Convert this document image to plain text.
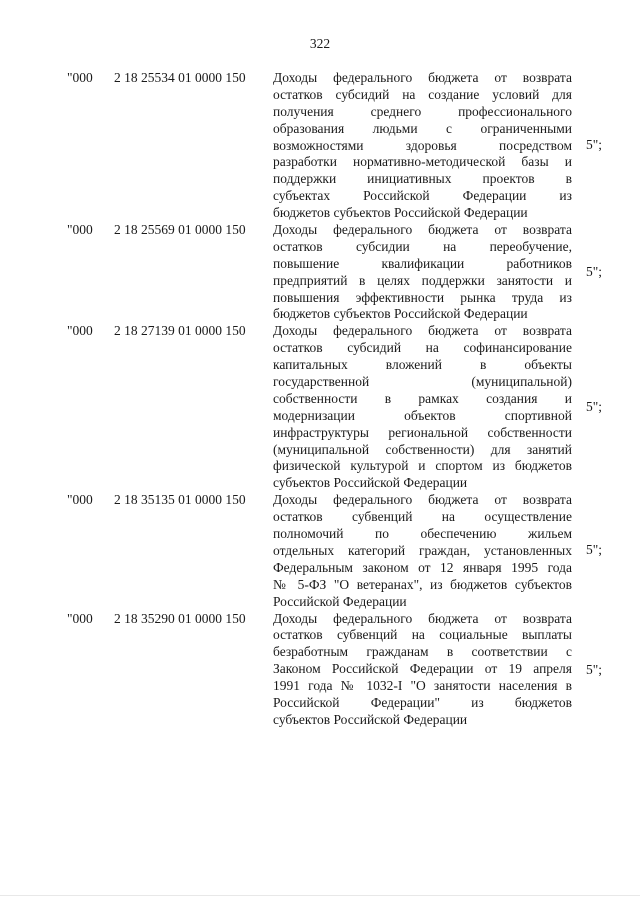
322
"000 2 18 25534 01 0000 150 Доходы федерального бюджета от возврата
остатков субсидий на создание условий для
получения среднего профессионального
образования людьми с ограниченными
возможностями здоровья посредством
разработки нормативно-методической базы и
поддержки инициативных проектов в
субъектах Российской Федерации из
бюджетов субъектов Российской Федерации
5";
"000 2 18 25569 01 0000 150 Доходы федерального бюджета от возврата
остатков субсидии на переобучение,
повышение квалификации работников
предприятий в целях поддержки занятости и
повышения эффективности рынка труда из
бюджетов субъектов Российской Федерации
5";
"000 2 18 27139 01 0000 150 Доходы федерального бюджета от возврата
остатков субсидий на софинансирование
капитальных вложений в объекты
государственной (муниципальной)
собственности в рамках создания и
модернизации объектов спортивной
инфраструктуры региональной собственности
(муниципальной собственности) для занятий
физической культурой и спортом из бюджетов
субъектов Российской Федерации
5";
"000 2 18 35135 01 0000 150 Доходы федерального бюджета от возврата
остатков субвенций на осуществление
полномочий по обеспечению жильем
отдельных категорий граждан, установленных
Федеральным законом от 12 января 1995 года
№ 5-ФЗ "О ветеранах", из бюджетов субъектов
Российской Федерации
5";
"000 2 18 35290 01 0000 150 Доходы федерального бюджета от возврата
остатков субвенций на социальные выплаты
безработным гражданам в соответствии с
Законом Российской Федерации от 19 апреля
1991 года № 1032-I "О занятости населения в
Российской Федерации" из бюджетов
субъектов Российской Федерации
5";
